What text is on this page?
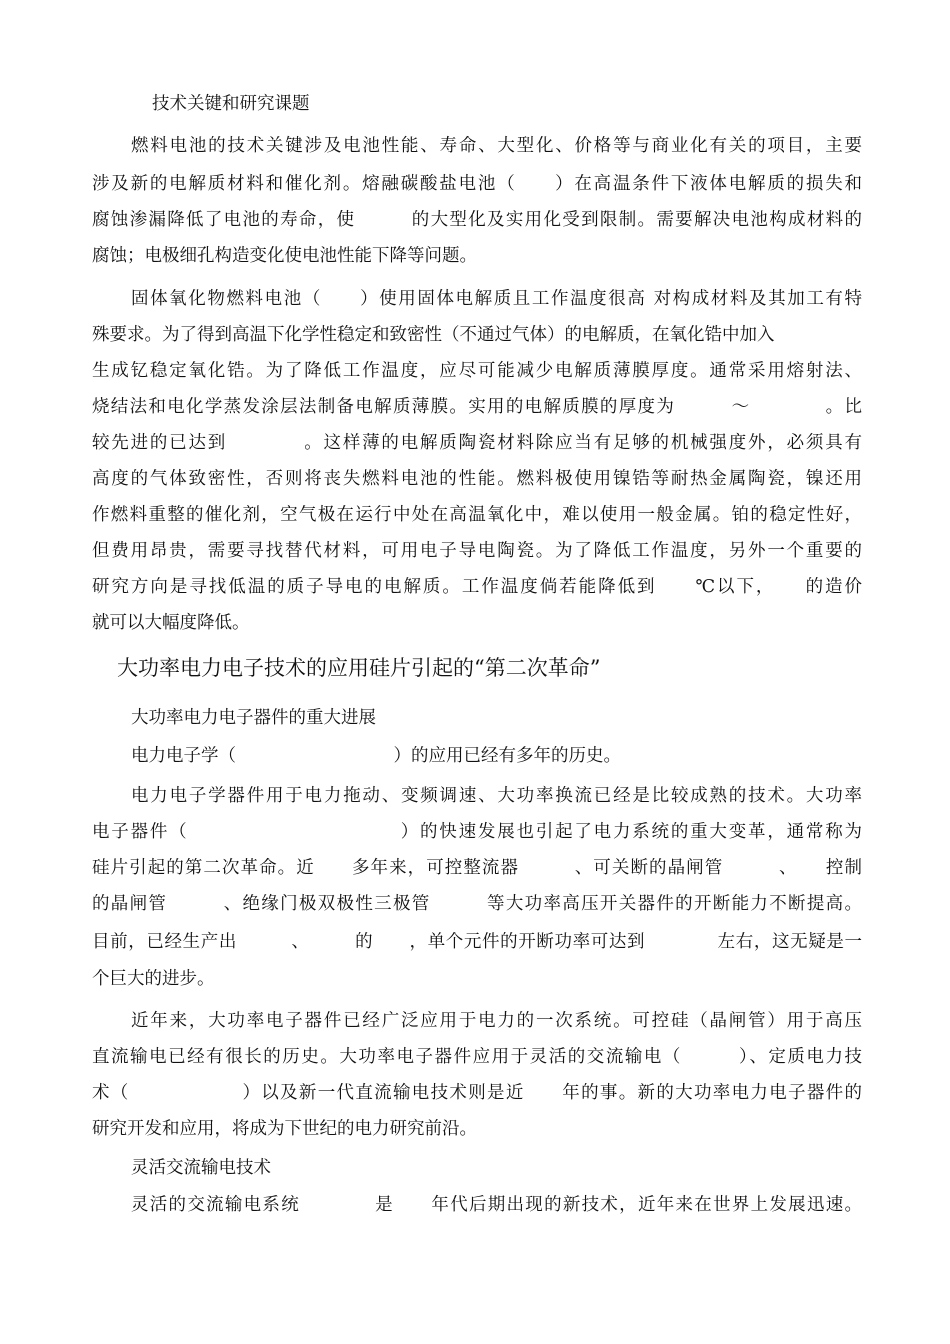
技术关键和研究课题
燃料电池的技术关键涉及电池性能、寿命、大型化、价格等与商业化有关的项目，主要
涉及新的电解质材料和催化剂。熔融碳酸盐电池（　　）在高温条件下液体电解质的损失和
腐蚀渗漏降低了电池的寿命，使　　　的大型化及实用化受到限制。需要解决电池构成材料的
腐蚀；电极细孔构造变化使电池性能下降等问题。
固体氧化物燃料电池（　　）使用固体电解质且工作温度很高 对构成材料及其加工有特
殊要求。为了得到高温下化学性稳定和致密性（不通过气体）的电解质，在氧化锆中加入
生成钇稳定氧化锆。为了降低工作温度，应尽可能减少电解质薄膜厚度。通常采用熔射法、
烧结法和电化学蒸发涂层法制备电解质薄膜。实用的电解质膜的厚度为　　　～　　　　。比
较先进的已达到　　　　。这样薄的电解质陶瓷材料除应当有足够的机械强度外，必须具有
高度的气体致密性，否则将丧失燃料电池的性能。燃料极使用镍锆等耐热金属陶瓷，镍还用
作燃料重整的催化剂，空气极在运行中处在高温氧化中，难以使用一般金属。铂的稳定性好，
但费用昂贵，需要寻找替代材料，可用电子导电陶瓷。为了降低工作温度，另外一个重要的
研究方向是寻找低温的质子导电的电解质。工作温度倘若能降低到　　℃以下，　　的造价
就可以大幅度降低。
大功率电力电子技术的应用硅片引起的“第二次革命”
大功率电力电子器件的重大进展
电力电子学（　　　　　　　　　）的应用已经有多年的历史。
电力电子学器件用于电力拖动、变频调速、大功率换流已经是比较成熟的技术。大功率
电子器件（　　　　　　　　　　　）的快速发展也引起了电力系统的重大变革，通常称为
硅片引起的第二次革命。近　　多年来，可控整流器　　　、可关断的晶闸管　　　、　　控制
的晶闸管　　　、绝缘门极双极性三极管　　　等大功率高压开关器件的开断能力不断提高。
目前，已经生产出　　　、　　　的　　，单个元件的开断功率可达到　　　　左右，这无疑是一
个巨大的进步。
近年来，大功率电子器件已经广泛应用于电力的一次系统。可控硅（晶闸管）用于高压
直流输电已经有很长的历史。大功率电子器件应用于灵活的交流输电（　　　）、定质电力技
术（　　　　　　）以及新一代直流输电技术则是近　　年的事。新的大功率电力电子器件的
研究开发和应用，将成为下世纪的电力研究前沿。
灵活交流输电技术
灵活的交流输电系统　　　　是　　年代后期出现的新技术，近年来在世界上发展迅速。
